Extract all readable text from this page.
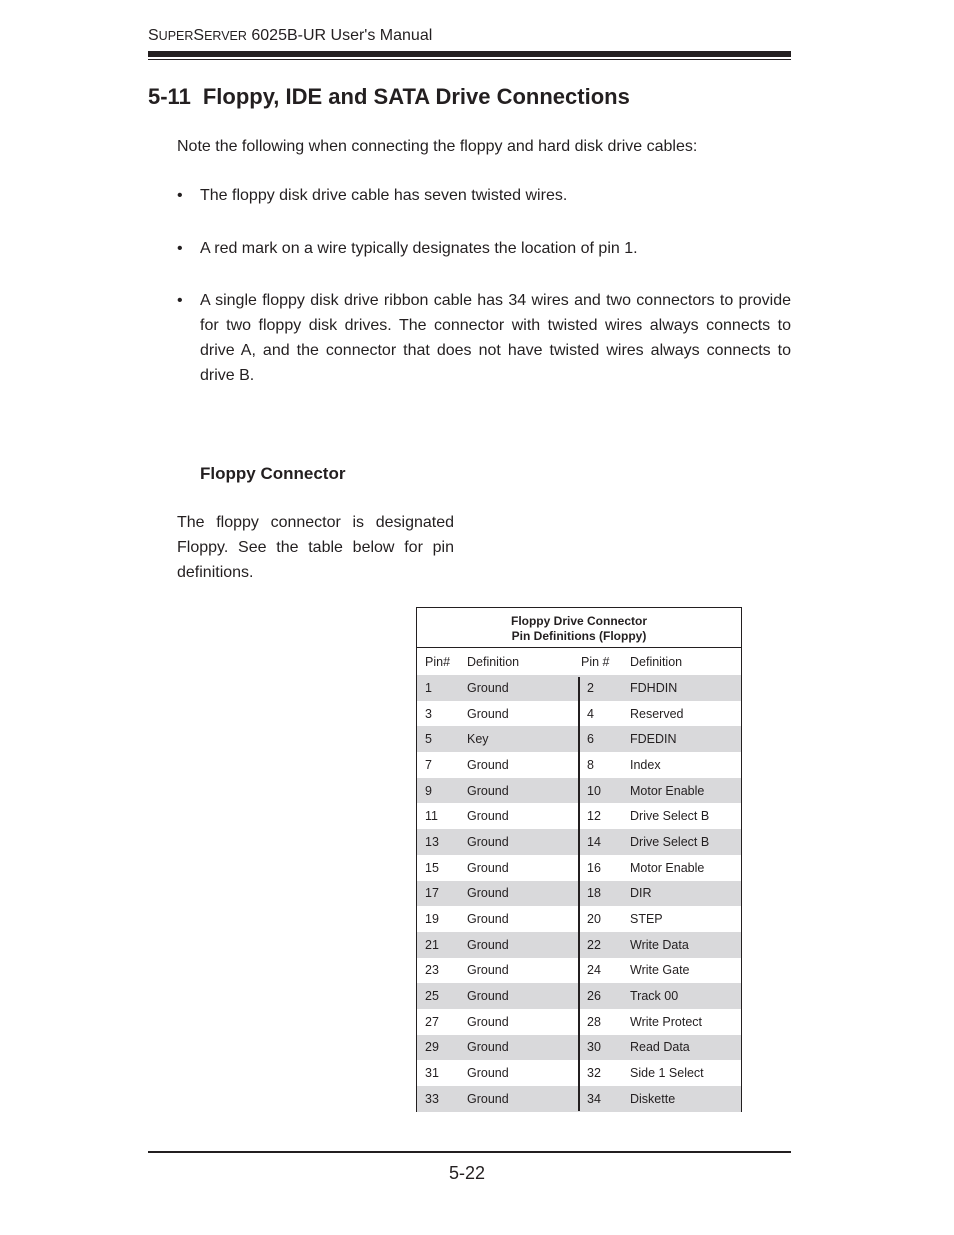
SUPERSERVER 6025B-UR User's Manual
5-11 Floppy, IDE and SATA Drive Connections
Note the following when connecting the floppy and hard disk drive cables:
• The floppy disk drive cable has seven twisted wires.
• A red mark on a wire typically designates the location of pin 1.
• A single floppy disk drive ribbon cable has 34 wires and two connectors to provide for two floppy disk drives. The connector with twisted wires always connects to drive A, and the connector that does not have twisted wires always connects to drive B.
Floppy Connector
The floppy connector is designated Floppy. See the table below for pin definitions.
Floppy Drive Connector
Pin Definitions (Floppy)
Pin# Definition	Pin # Definition
1	Ground	2	FDHDIN
3	Ground	4	Reserved
5	Key	6	FDEDIN
7	Ground	8	Index
9	Ground	10 Motor Enable
11 Ground	12 Drive Select B
13 Ground	14 Drive Select B
15 Ground	16 Motor Enable
17 Ground	18 DIR
19 Ground	20 STEP
21 Ground	22 Write Data
23 Ground	24 Write Gate
25 Ground	26 Track 00
27 Ground	28 Write Protect
29 Ground	30 Read Data
31 Ground	32 Side 1 Select
33 Ground	34 Diskette
5-22
